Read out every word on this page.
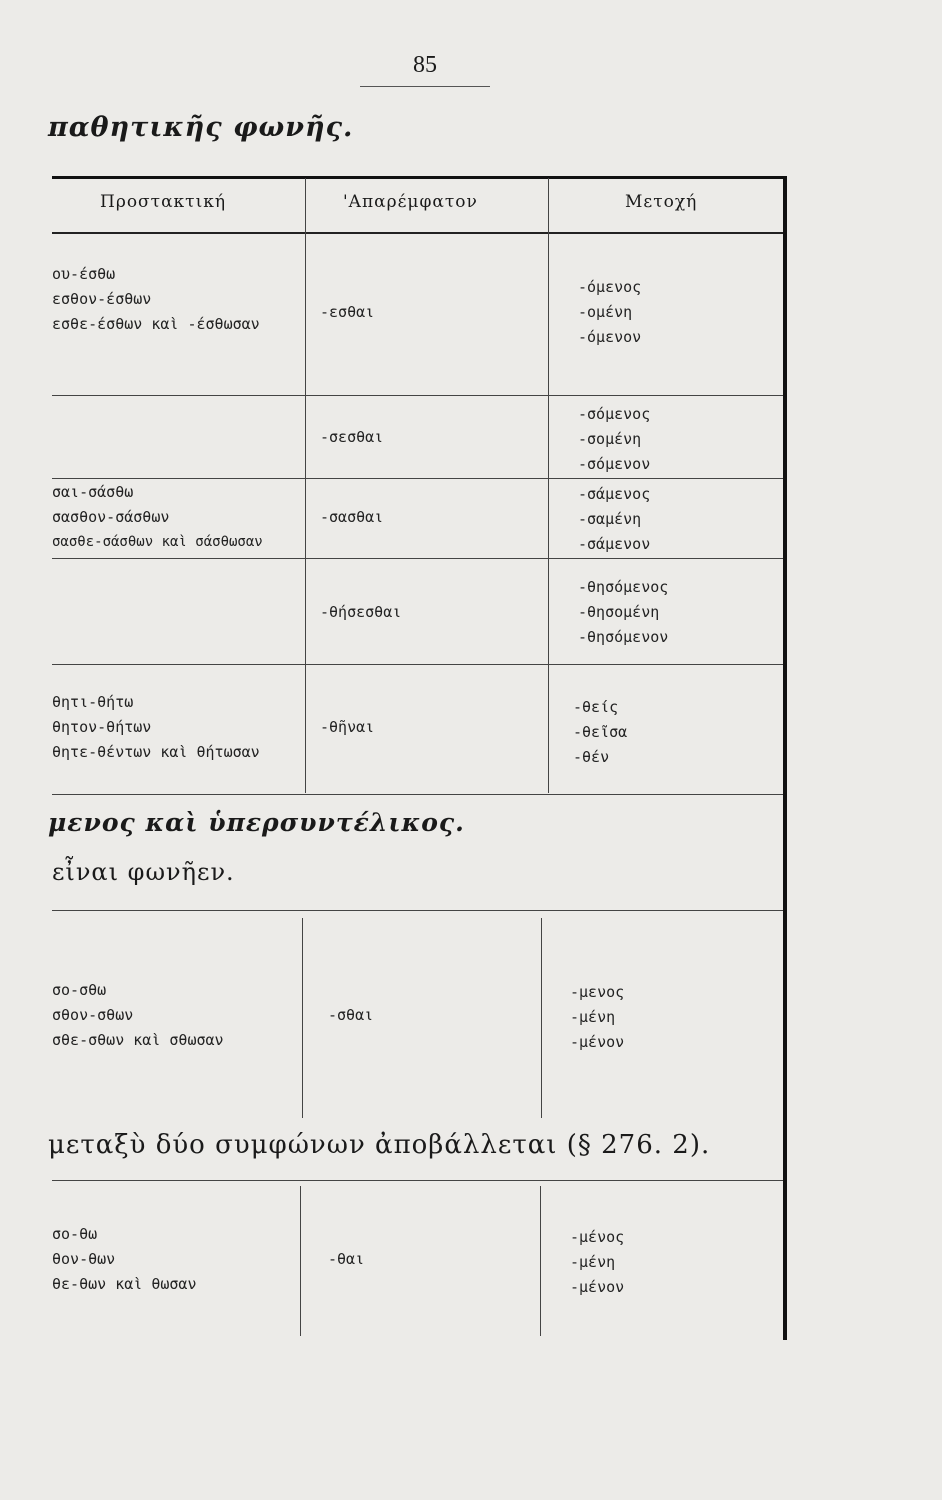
85
παθητικῆς φωνῆς.
Προστακτική	'Απαρέμφατον	Μετοχή
ου-έσθω
εσθον-έσθων
εσθε-έσθων καὶ -έσθωσαν
-εσθαι
-όμενος
-ομένη
-όμενον
-σεσθαι
-σόμενος
-σομένη
-σόμενον
σαι-σάσθω
σασθον-σάσθων
σασθε-σάσθων καὶ σάσθωσαν
-σασθαι
-σάμενος
-σαμένη
-σάμενον
-θήσεσθαι
-θησόμενος
-θησομένη
-θησόμενον
θητι-θήτω
θητον-θήτων
θητε-θέντων καὶ θήτωσαν
-θῆναι
-θείς
-θεῖσα
-θέν
μενος καὶ ὑπερσυντέλικος.
εἶναι φωνῆεν.
σο-σθω
σθον-σθων
σθε-σθων καὶ σθωσαν
-σθαι
-μενος
-μένη
-μένον
μεταξὺ δύο συμφώνων ἀποβάλλεται (§ 276. 2).
σο-θω
θον-θων
θε-θων καὶ θωσαν
-θαι
-μένος
-μένη
-μένον
